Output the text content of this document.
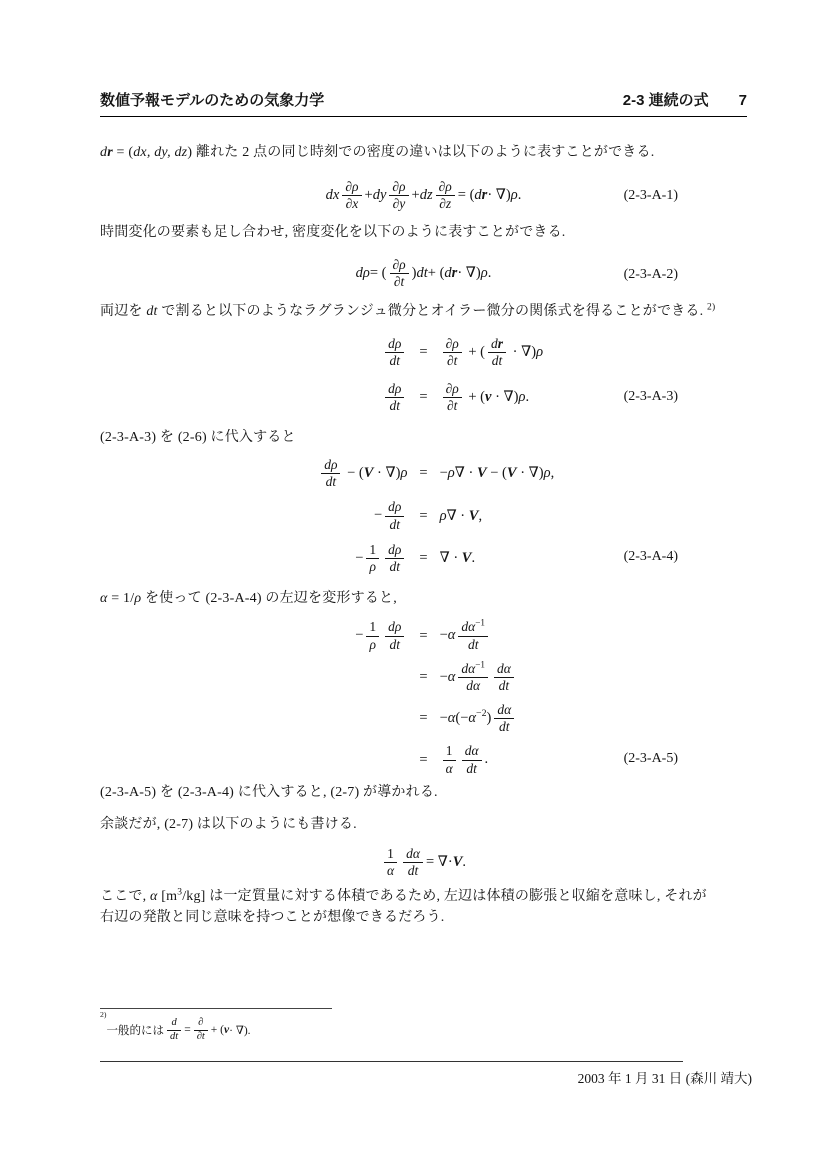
数値予報モデルのための気象力学	2-3 連続の式 7
dr = (dx, dy, dz) 離れた 2 点の同じ時刻での密度の違いは以下のように表すことができる.
dx $\frac{\partial\rho}{\partial x}$ + dy $\frac{\partial\rho}{\partial y}$ + dz $\frac{\partial\rho}{\partial z}$ = ( d r · ∇) ρ .	(2-3-A-1)
時間変化の要素も足し合わせ, 密度変化を以下のように表すことができる.
dρ = ( $\frac{\partial\rho}{\partial t}$ ) dt + ( d r · ∇) ρ .	(2-3-A-2)
両辺を dt で割ると以下のようなラグランジュ微分とオイラー微分の関係式を得ることができる. $^{2)}$
$\frac{d\rho}{dt}$	=	$\frac{\partial\rho}{\partial t}$ + ( $\frac{dr}{dt} \cdot \nabla)\rho$
$\frac{d\rho}{dt}$	=	$\frac{\partial\rho}{\partial t} + (v \cdot \nabla)\rho$.	(2-3-A-3)
(2-3-A-3) を (2-6) に代入すると
$\frac{d\rho}{dt} - (V \cdot \nabla)\rho = -\rho\nabla \cdot V - (V \cdot \nabla)\rho$,
− $\frac{d\rho}{dt}$	= ρ∇ · V,
− $\frac{1}{\rho} \frac{d\rho}{dt}$	= ∇ · V.	(2-3-A-4)
α = 1/ρ を使って (2-3-A-4) の左辺を変形すると,
− $\frac{1}{\rho} \frac{d\rho}{dt}$	= $-\alpha \frac{d\alpha^{-1}}{dt}$
= $-\alpha \frac{d\alpha^{-1}}{d\alpha} \frac{d\alpha}{dt}$
= $-\alpha(-\alpha^{-2}) \frac{d\alpha}{dt}$
=	$\frac{1}{\alpha} \frac{d\alpha}{dt}$ .	(2-3-A-5)
(2-3-A-5) を (2-3-A-4) に代入すると, (2-7) が導かれる.
余談だが, (2-7) は以下のようにも書ける.
$\frac{1}{\alpha} \frac{d\alpha}{dt}$ = ∇· V .
ここで, α $[m^3/kg]$ は一定質量に対する体積であるため, 左辺は体積の膨張と収縮を意味し, それが
右辺の発散と同じ意味を持つことが想像できるだろう.
2)
一般的には $\frac{d}{dt} = \frac{\partial}{\partial t}$ + ( v · ∇).
2003 年 1 月 31 日 (森川 靖大)
